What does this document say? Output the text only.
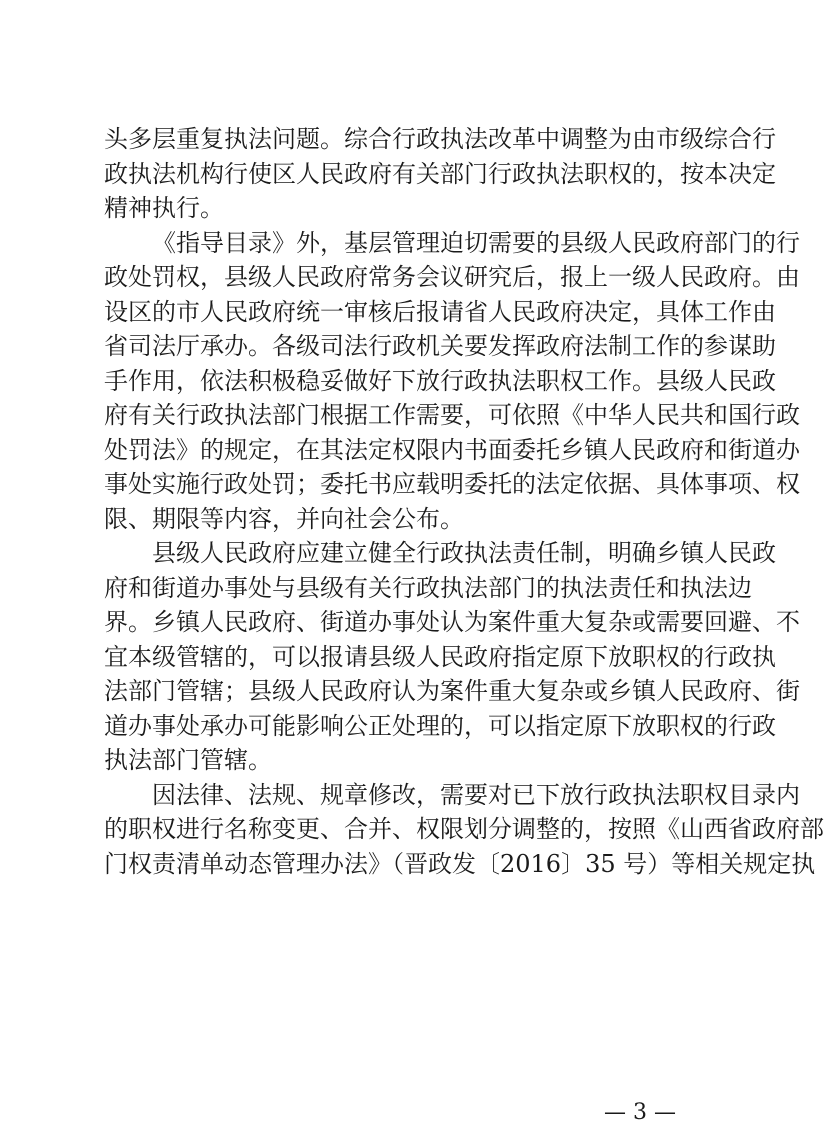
头多层重复执法问题。综合行政执法改革中调整为由市级综合行
政执法机构行使区人民政府有关部门行政执法职权的，按本决定
精神执行。
《指导目录》外，基层管理迫切需要的县级人民政府部门的行
政处罚权，县级人民政府常务会议研究后，报上一级人民政府。由
设区的市人民政府统一审核后报请省人民政府决定，具体工作由
省司法厅承办。各级司法行政机关要发挥政府法制工作的参谋助
手作用，依法积极稳妥做好下放行政执法职权工作。县级人民政
府有关行政执法部门根据工作需要，可依照《中华人民共和国行政
处罚法》的规定，在其法定权限内书面委托乡镇人民政府和街道办
事处实施行政处罚；委托书应载明委托的法定依据、具体事项、权
限、期限等内容，并向社会公布。
县级人民政府应建立健全行政执法责任制，明确乡镇人民政
府和街道办事处与县级有关行政执法部门的执法责任和执法边
界。乡镇人民政府、街道办事处认为案件重大复杂或需要回避、不
宜本级管辖的，可以报请县级人民政府指定原下放职权的行政执
法部门管辖；县级人民政府认为案件重大复杂或乡镇人民政府、街
道办事处承办可能影响公正处理的，可以指定原下放职权的行政
执法部门管辖。
因法律、法规、规章修改，需要对已下放行政执法职权目录内
的职权进行名称变更、合并、权限划分调整的，按照《山西省政府部
门权责清单动态管理办法》（晋政发〔2016〕35 号）等相关规定执
— 3 —
